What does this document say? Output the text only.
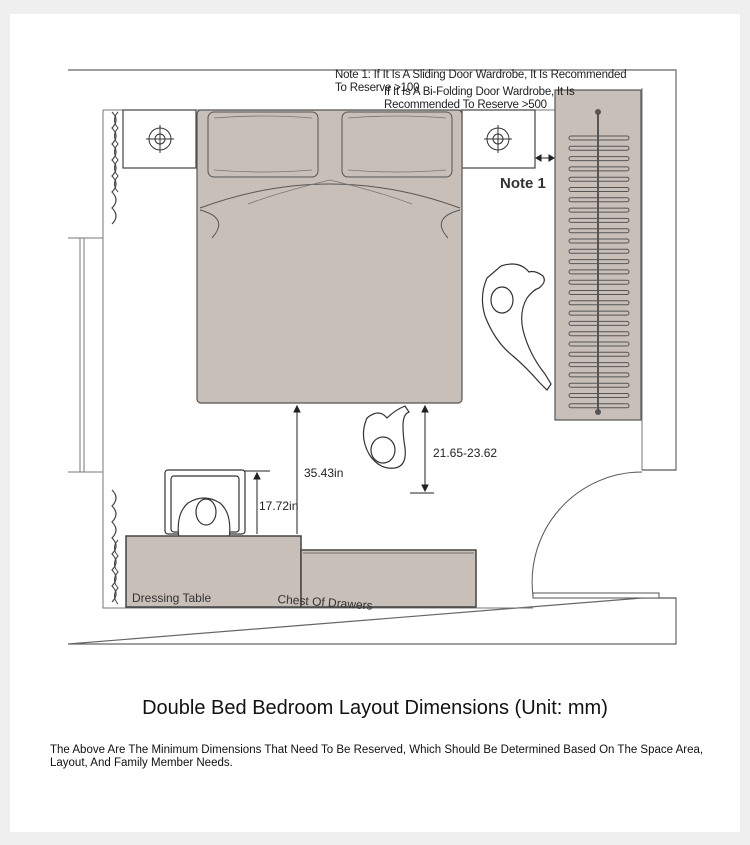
Note 1: If It Is A Sliding Door Wardrobe, It Is Recommended
To Reserve >100
If It Is A Bi-Folding Door Wardrobe, It Is
Recommended To Reserve >500
Note 1
35.43in
17.72in
21.65-23.62
Dressing Table	Chest Of Drawers
Double Bed Bedroom Layout Dimensions (Unit: mm)
The Above Are The Minimum Dimensions That Need To Be Reserved, Which Should Be Determined Based On The Space Area, Layout, And Family Member Needs.
